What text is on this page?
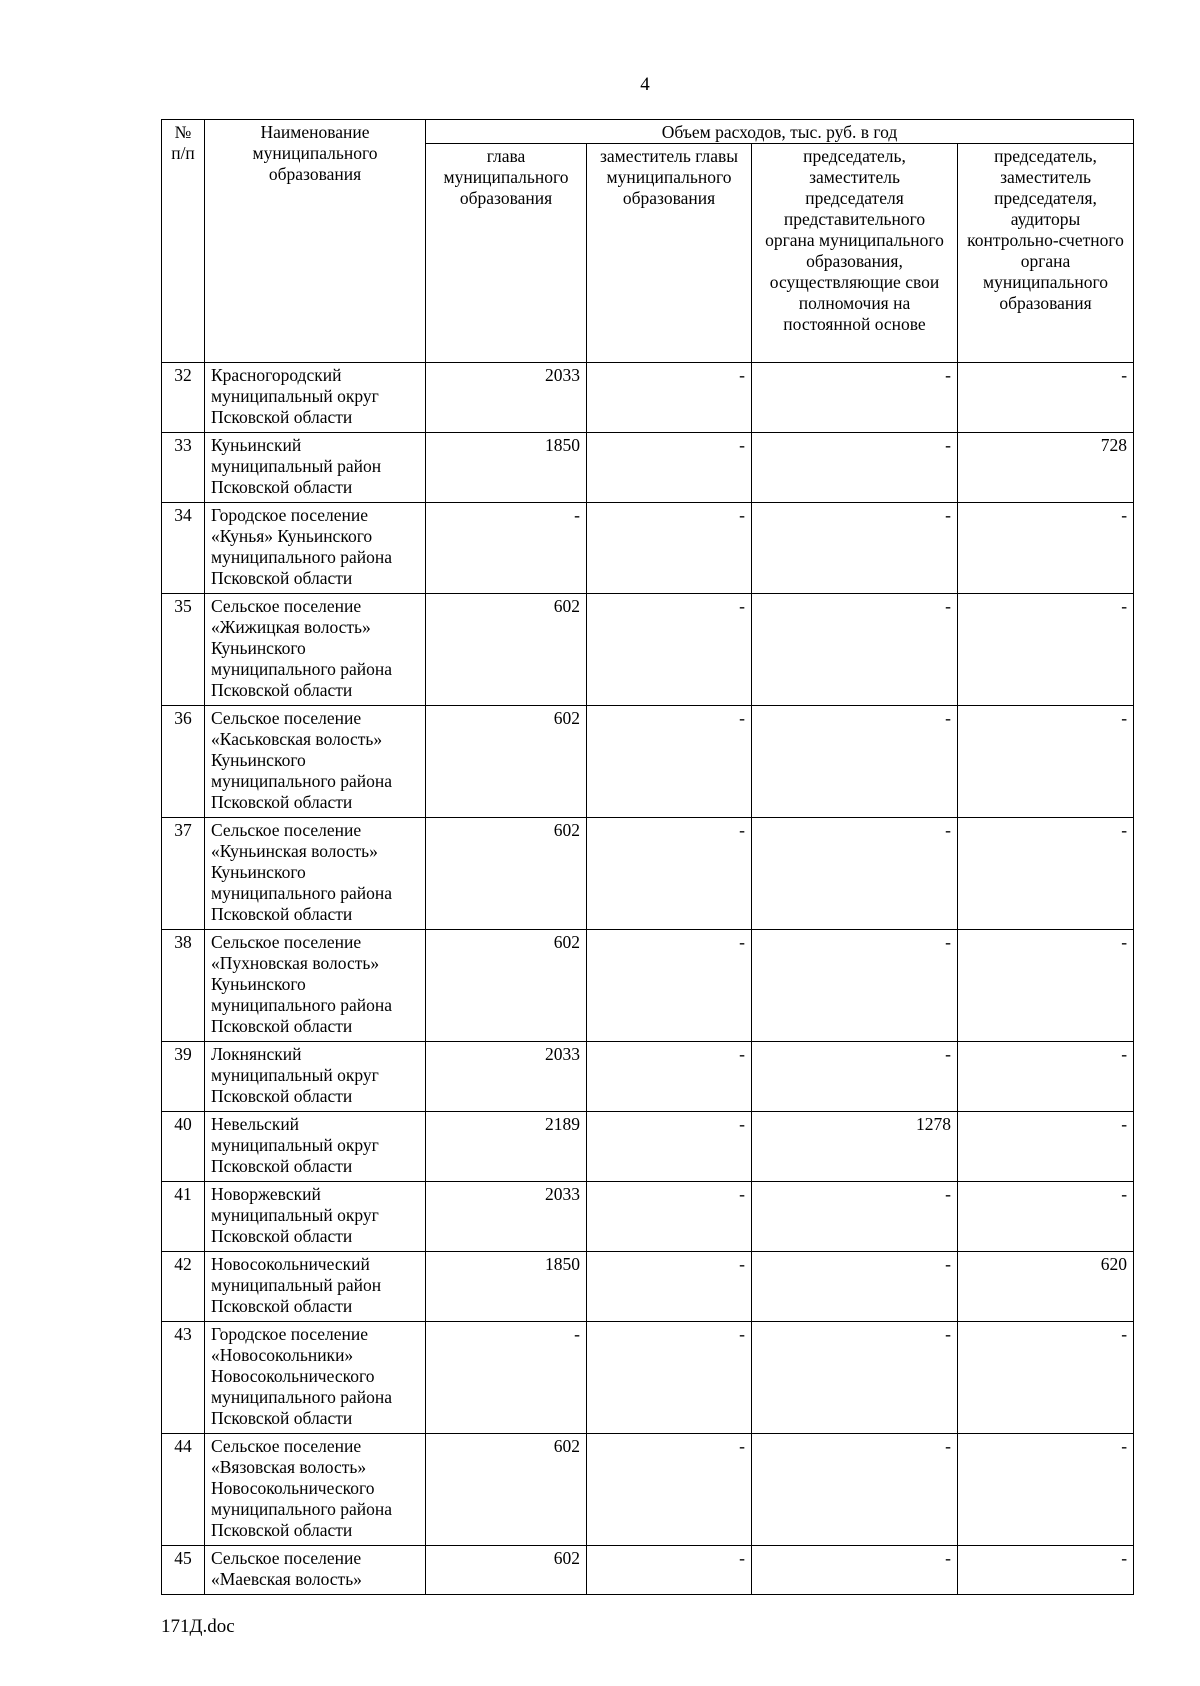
4
№ п/п	Наименование муниципального образования	Объем расходов, тыс. руб. в год			
		глава муниципального образования	заместитель главы муниципального образования	председатель, заместитель председателя представительного органа муниципального образования, осуществляющие свои полномочия на постоянной основе	председатель, заместитель председателя, аудиторы контрольно-счетного органа муниципального образования
32	Красногородский муниципальный округ Псковской области	2033	-	-	-
33	Куньинский муниципальный район Псковской области	1850	-	-	728
34	Городское поселение «Кунья» Куньинского муниципального района Псковской области	-	-	-	-
35	Сельское поселение «Жижицкая волость» Куньинского муниципального района Псковской области	602	-	-	-
36	Сельское поселение «Каськовская волость» Куньинского муниципального района Псковской области	602	-	-	-
37	Сельское поселение «Куньинская волость» Куньинского муниципального района Псковской области	602	-	-	-
38	Сельское поселение «Пухновская волость» Куньинского муниципального района Псковской области	602	-	-	-
39	Локнянский муниципальный округ Псковской области	2033	-	-	-
40	Невельский муниципальный округ Псковской области	2189	-	1278	-
41	Новоржевский муниципальный округ Псковской области	2033	-	-	-
42	Новосокольнический муниципальный район Псковской области	1850	-	-	620
43	Городское поселение «Новосокольники» Новосокольнического муниципального района Псковской области	-	-	-	-
44	Сельское поселение «Вязовская волость» Новосокольнического муниципального района Псковской области	602	-	-	-
45	Сельское поселение «Маевская волость»	602	-	-	-
171Д.doc
